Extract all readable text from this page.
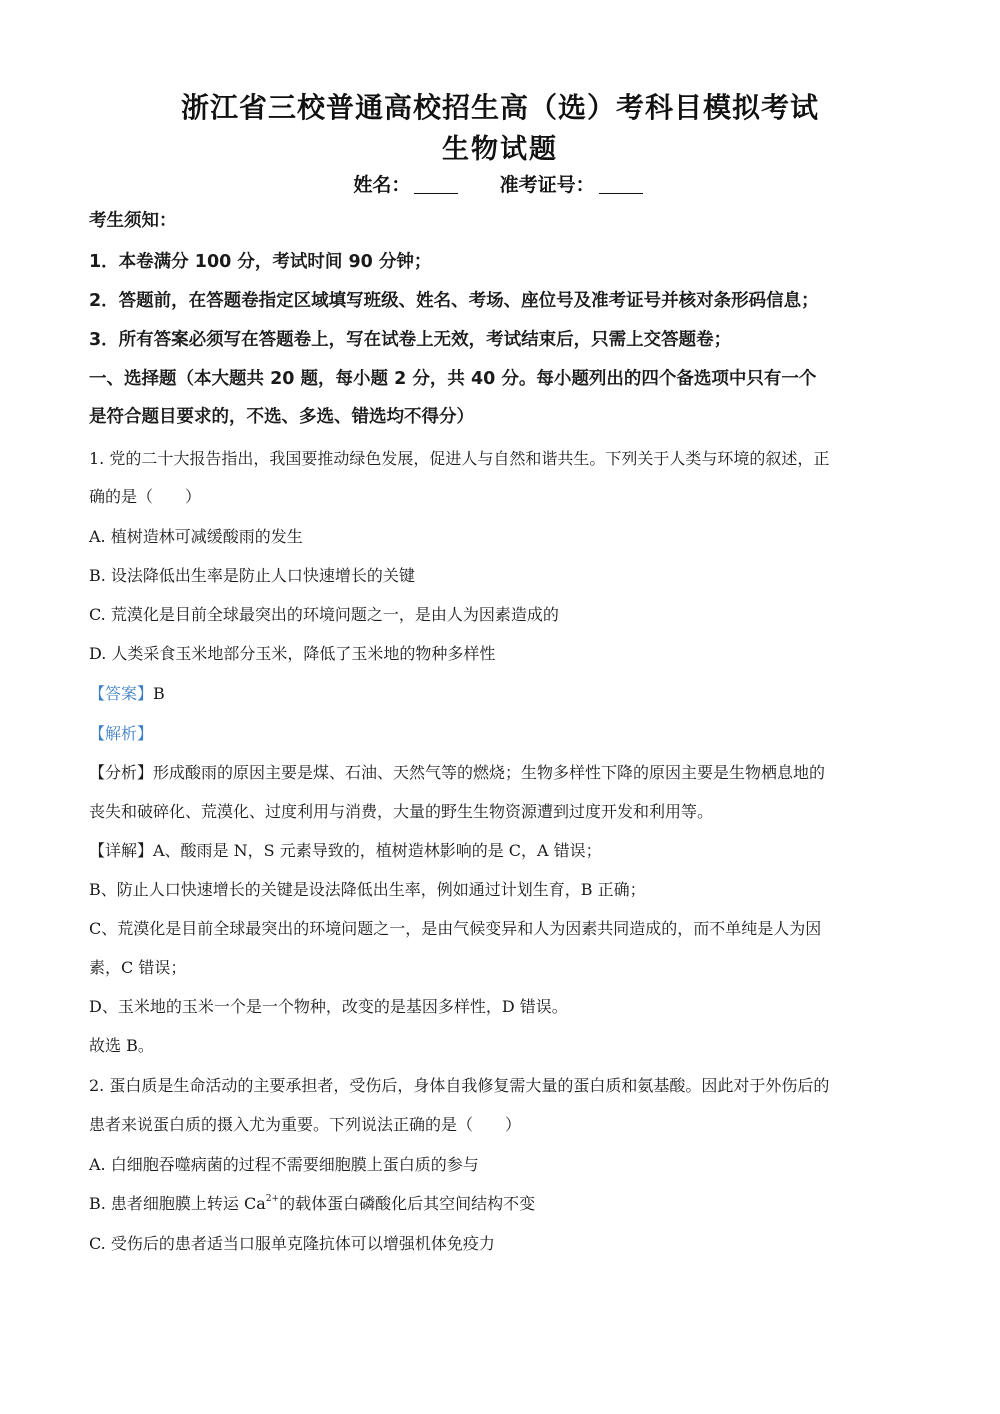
浙江省三校普通高校招生高（选）考科目模拟考试
生物试题
姓名：	准考证号：
考生须知：
1．本卷满分 100 分，考试时间 90 分钟；
2．答题前，在答题卷指定区域填写班级、姓名、考场、座位号及准考证号并核对条形码信息；
3．所有答案必须写在答题卷上，写在试卷上无效，考试结束后，只需上交答题卷；
一、选择题（本大题共 20 题，每小题 2 分，共 40 分。每小题列出的四个备选项中只有一个
是符合题目要求的，不选、多选、错选均不得分）
1. 党的二十大报告指出，我国要推动绿色发展，促进人与自然和谐共生。下列关于人类与环境的叙述，正
确的是（　　）
A. 植树造林可减缓酸雨的发生
B. 设法降低出生率是防止人口快速增长的关键
C. 荒漠化是目前全球最突出的环境问题之一，是由人为因素造成的
D. 人类采食玉米地部分玉米，降低了玉米地的物种多样性
【答案】B
【解析】
【分析】形成酸雨的原因主要是煤、石油、天然气等的燃烧；生物多样性下降的原因主要是生物栖息地的
丧失和破碎化、荒漠化、过度利用与消费，大量的野生生物资源遭到过度开发和利用等。
【详解】A、酸雨是 N，S 元素导致的，植树造林影响的是 C，A 错误；
B、防止人口快速增长的关键是设法降低出生率，例如通过计划生育，B 正确；
C、荒漠化是目前全球最突出的环境问题之一，是由气候变异和人为因素共同造成的，而不单纯是人为因
素，C 错误；
D、玉米地的玉米一个是一个物种，改变的是基因多样性，D 错误。
故选 B。
2. 蛋白质是生命活动的主要承担者，受伤后，身体自我修复需大量的蛋白质和氨基酸。因此对于外伤后的
患者来说蛋白质的摄入尤为重要。下列说法正确的是（　　）
A. 白细胞吞噬病菌的过程不需要细胞膜上蛋白质的参与
B. 患者细胞膜上转运 $Ca^{2+}$的载体蛋白磷酸化后其空间结构不变
C. 受伤后的患者适当口服单克隆抗体可以增强机体免疫力
